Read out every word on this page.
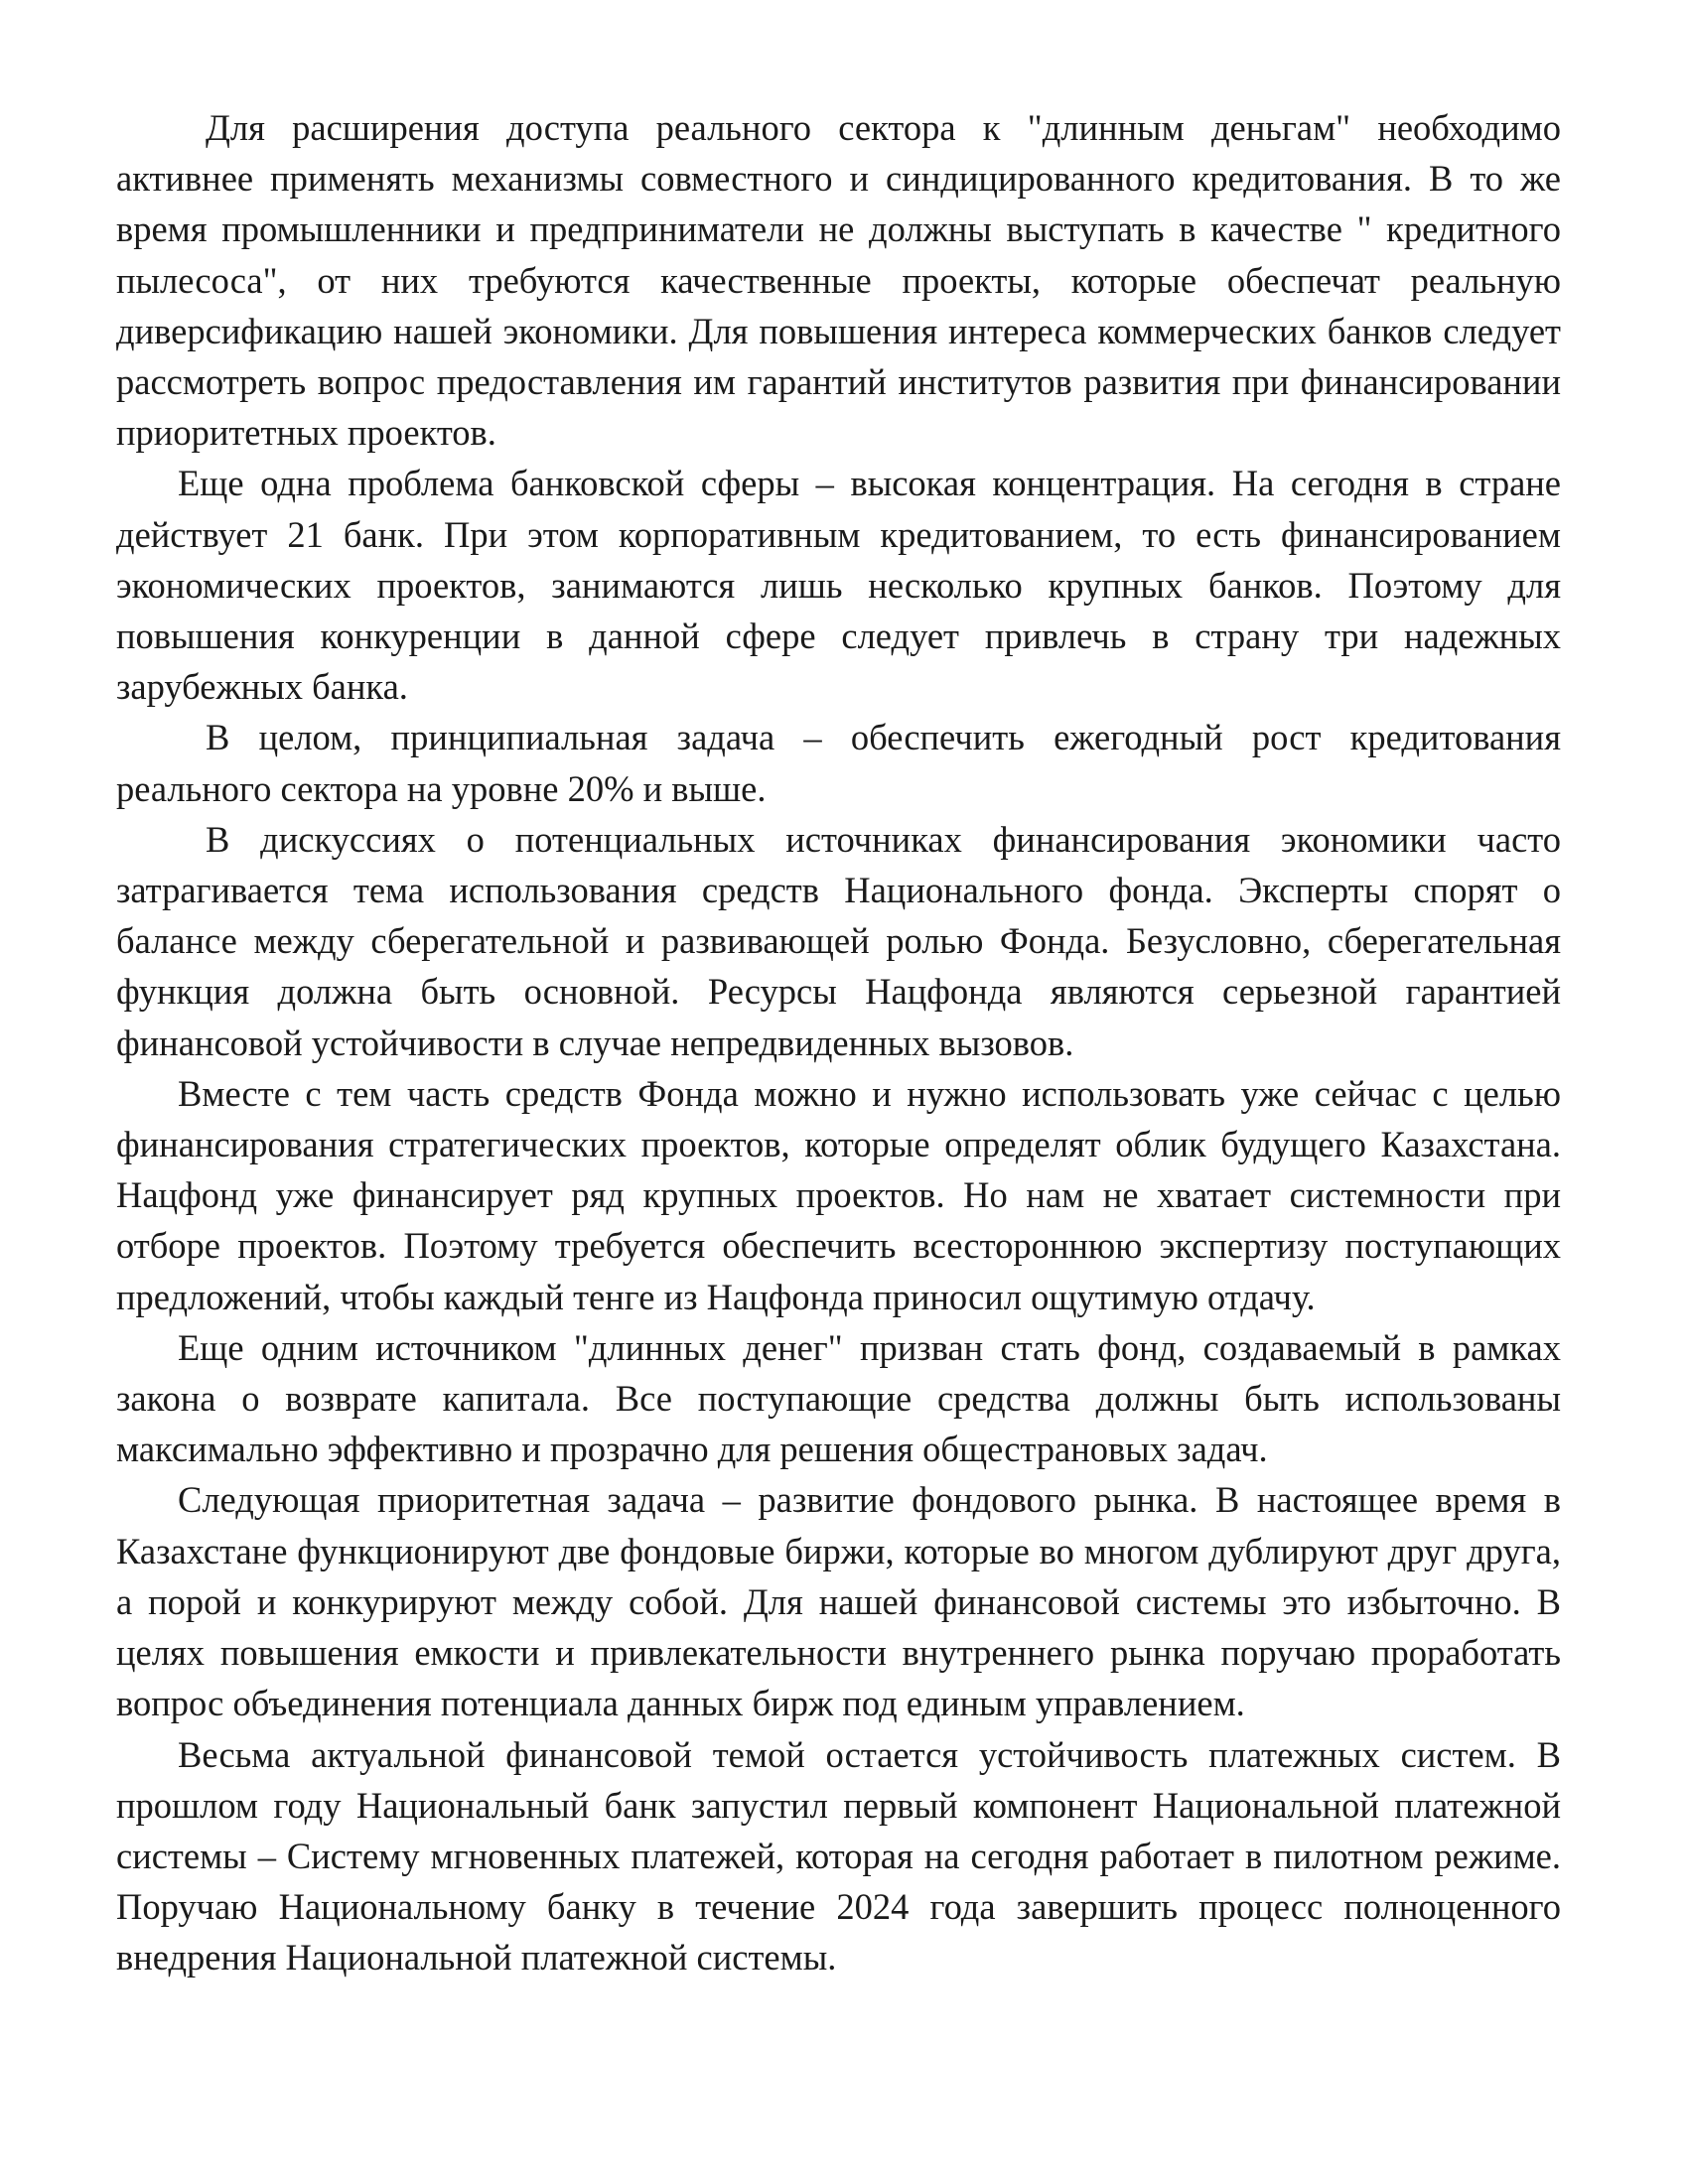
Для расширения доступа реального сектора к "длинным деньгам" необходимо активнее применять механизмы совместного и синдицированного кредитования. В то же время промышленники и предприниматели не должны выступать в качестве " кредитного пылесоса", от них требуются качественные проекты, которые обеспечат реальную диверсификацию нашей экономики. Для повышения интереса коммерческих банков следует рассмотреть вопрос предоставления им гарантий институтов развития при финансировании приоритетных проектов.

Еще одна проблема банковской сферы – высокая концентрация. На сегодня в стране действует 21 банк. При этом корпоративным кредитованием, то есть финансированием экономических проектов, занимаются лишь несколько крупных банков. Поэтому для повышения конкуренции в данной сфере следует привлечь в страну три надежных зарубежных банка.

В целом, принципиальная задача – обеспечить ежегодный рост кредитования реального сектора на уровне 20% и выше.

В дискуссиях о потенциальных источниках финансирования экономики часто затрагивается тема использования средств Национального фонда. Эксперты спорят о балансе между сберегательной и развивающей ролью Фонда. Безусловно, сберегательная функция должна быть основной. Ресурсы Нацфонда являются серьезной гарантией финансовой устойчивости в случае непредвиденных вызовов.

Вместе с тем часть средств Фонда можно и нужно использовать уже сейчас с целью финансирования стратегических проектов, которые определят облик будущего Казахстана. Нацфонд уже финансирует ряд крупных проектов. Но нам не хватает системности при отборе проектов. Поэтому требуется обеспечить всестороннюю экспертизу поступающих предложений, чтобы каждый тенге из Нацфонда приносил ощутимую отдачу.

Еще одним источником "длинных денег" призван стать фонд, создаваемый в рамках закона о возврате капитала. Все поступающие средства должны быть использованы максимально эффективно и прозрачно для решения общестрановых задач.

Следующая приоритетная задача – развитие фондового рынка. В настоящее время в Казахстане функционируют две фондовые биржи, которые во многом дублируют друг друга, а порой и конкурируют между собой. Для нашей финансовой системы это избыточно. В целях повышения емкости и привлекательности внутреннего рынка поручаю проработать вопрос объединения потенциала данных бирж под единым управлением.

Весьма актуальной финансовой темой остается устойчивость платежных систем. В прошлом году Национальный банк запустил первый компонент Национальной платежной системы – Систему мгновенных платежей, которая на сегодня работает в пилотном режиме. Поручаю Национальному банку в течение 2024 года завершить процесс полноценного внедрения Национальной платежной системы.
